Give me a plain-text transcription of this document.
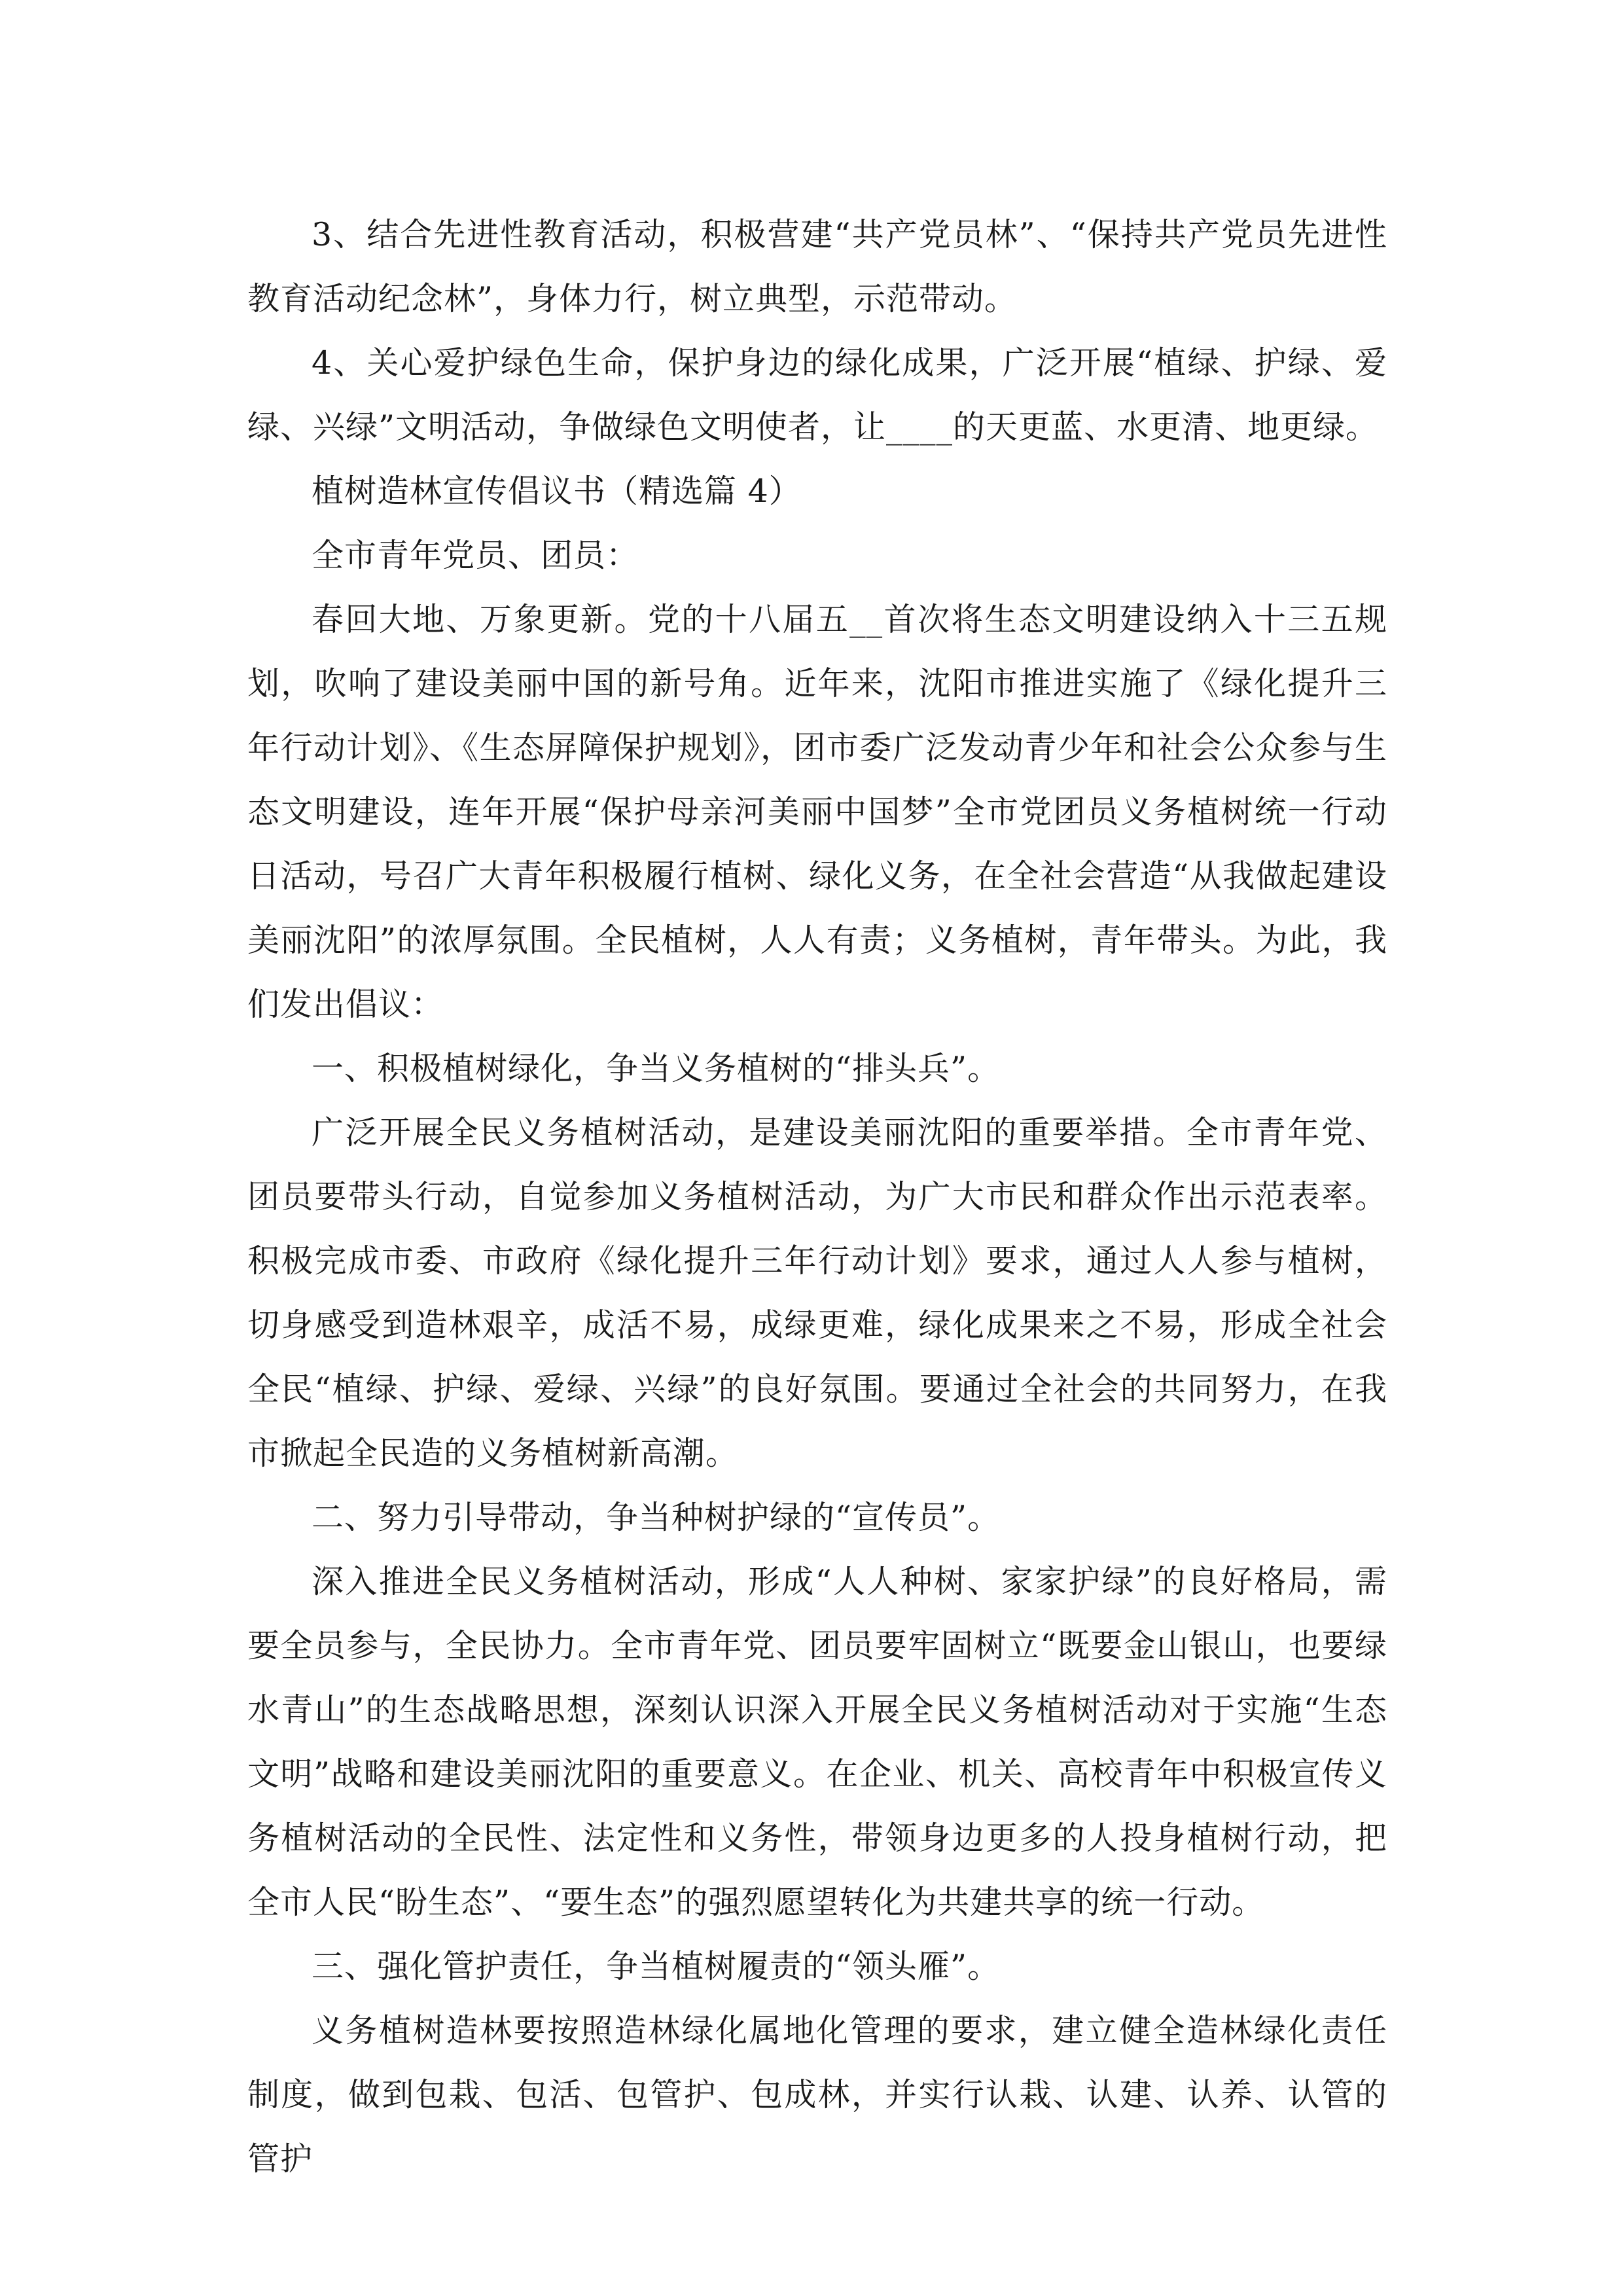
3、结合先进性教育活动，积极营建“共产党员林”、“保持共产党员先进性教育活动纪念林”，身体力行，树立典型，示范带动。

4、关心爱护绿色生命，保护身边的绿化成果，广泛开展“植绿、护绿、爱绿、兴绿”文明活动，争做绿色文明使者，让____的天更蓝、水更清、地更绿。

植树造林宣传倡议书（精选篇 4）

全市青年党员、团员：

春回大地、万象更新。党的十八届五__首次将生态文明建设纳入十三五规划，吹响了建设美丽中国的新号角。近年来，沈阳市推进实施了《绿化提升三年行动计划》、《生态屏障保护规划》，团市委广泛发动青少年和社会公众参与生态文明建设，连年开展“保护母亲河美丽中国梦”全市党团员义务植树统一行动日活动，号召广大青年积极履行植树、绿化义务，在全社会营造“从我做起建设美丽沈阳”的浓厚氛围。全民植树，人人有责；义务植树，青年带头。为此，我们发出倡议：

一、积极植树绿化，争当义务植树的“排头兵”。

广泛开展全民义务植树活动，是建设美丽沈阳的重要举措。全市青年党、团员要带头行动，自觉参加义务植树活动，为广大市民和群众作出示范表率。积极完成市委、市政府《绿化提升三年行动计划》要求，通过人人参与植树，切身感受到造林艰辛，成活不易，成绿更难，绿化成果来之不易，形成全社会全民“植绿、护绿、爱绿、兴绿”的良好氛围。要通过全社会的共同努力，在我市掀起全民造的义务植树新高潮。

二、努力引导带动，争当种树护绿的“宣传员”。

深入推进全民义务植树活动，形成“人人种树、家家护绿”的良好格局，需要全员参与，全民协力。全市青年党、团员要牢固树立“既要金山银山，也要绿水青山”的生态战略思想，深刻认识深入开展全民义务植树活动对于实施“生态文明”战略和建设美丽沈阳的重要意义。在企业、机关、高校青年中积极宣传义务植树活动的全民性、法定性和义务性，带领身边更多的人投身植树行动，把全市人民“盼生态”、“要生态”的强烈愿望转化为共建共享的统一行动。

三、强化管护责任，争当植树履责的“领头雁”。

义务植树造林要按照造林绿化属地化管理的要求，建立健全造林绿化责任制度，做到包栽、包活、包管护、包成林，并实行认栽、认建、认养、认管的管护
